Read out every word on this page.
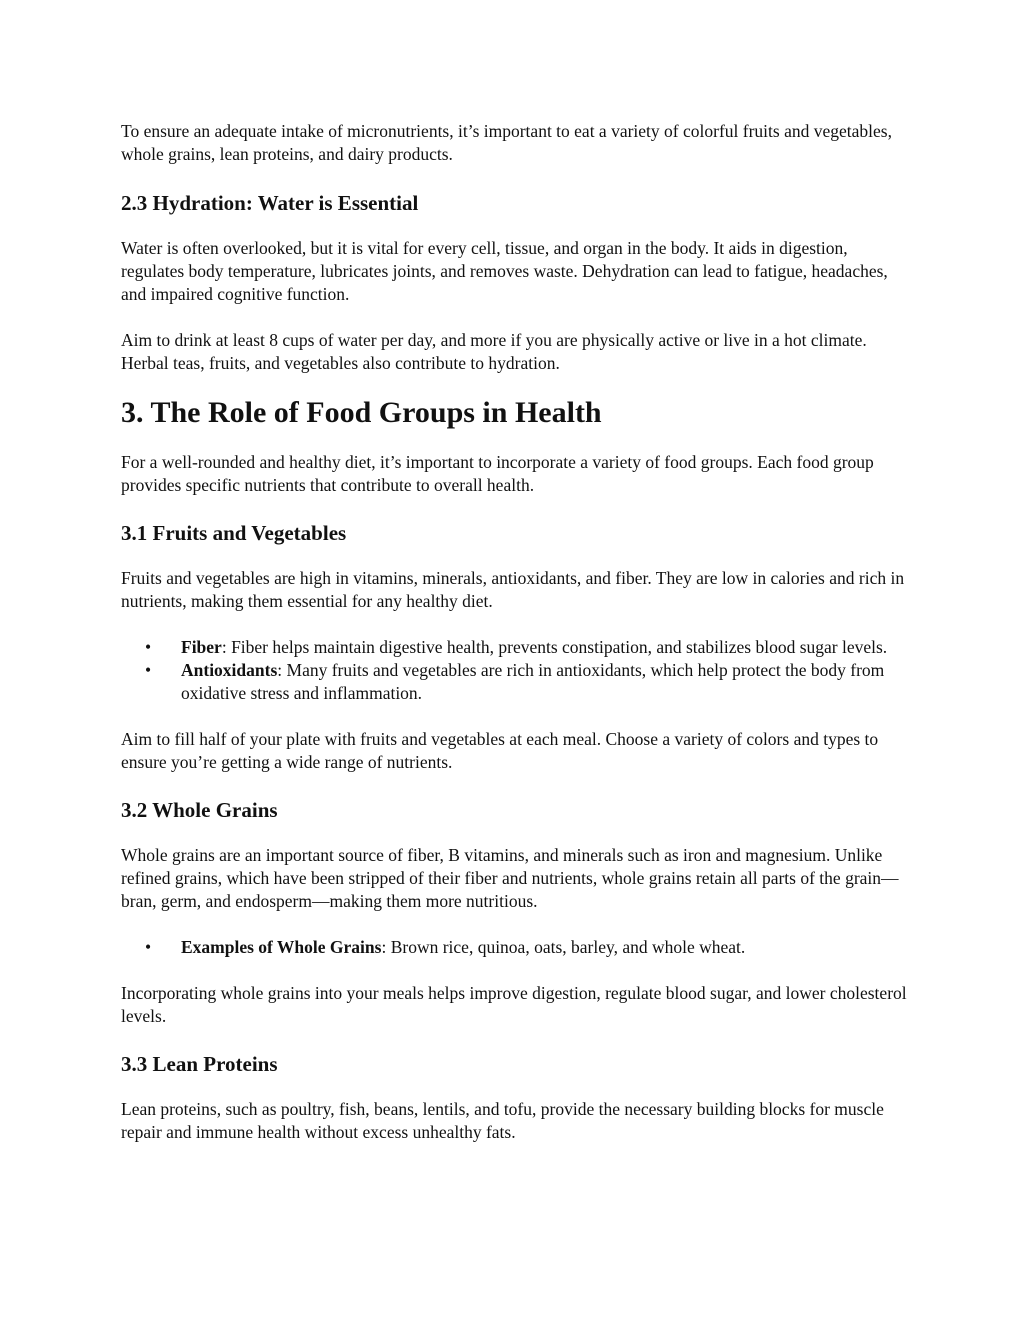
To ensure an adequate intake of micronutrients, it’s important to eat a variety of colorful fruits and vegetables, whole grains, lean proteins, and dairy products.

2.3 Hydration: Water is Essential

Water is often overlooked, but it is vital for every cell, tissue, and organ in the body. It aids in digestion, regulates body temperature, lubricates joints, and removes waste. Dehydration can lead to fatigue, headaches, and impaired cognitive function.

Aim to drink at least 8 cups of water per day, and more if you are physically active or live in a hot climate. Herbal teas, fruits, and vegetables also contribute to hydration.

3. The Role of Food Groups in Health

For a well-rounded and healthy diet, it’s important to incorporate a variety of food groups. Each food group provides specific nutrients that contribute to overall health.

3.1 Fruits and Vegetables

Fruits and vegetables are high in vitamins, minerals, antioxidants, and fiber. They are low in calories and rich in nutrients, making them essential for any healthy diet.

• Fiber: Fiber helps maintain digestive health, prevents constipation, and stabilizes blood sugar levels.
• Antioxidants: Many fruits and vegetables are rich in antioxidants, which help protect the body from oxidative stress and inflammation.

Aim to fill half of your plate with fruits and vegetables at each meal. Choose a variety of colors and types to ensure you’re getting a wide range of nutrients.

3.2 Whole Grains

Whole grains are an important source of fiber, B vitamins, and minerals such as iron and magnesium. Unlike refined grains, which have been stripped of their fiber and nutrients, whole grains retain all parts of the grain—bran, germ, and endosperm—making them more nutritious.

• Examples of Whole Grains: Brown rice, quinoa, oats, barley, and whole wheat.

Incorporating whole grains into your meals helps improve digestion, regulate blood sugar, and lower cholesterol levels.

3.3 Lean Proteins

Lean proteins, such as poultry, fish, beans, lentils, and tofu, provide the necessary building blocks for muscle repair and immune health without excess unhealthy fats.
